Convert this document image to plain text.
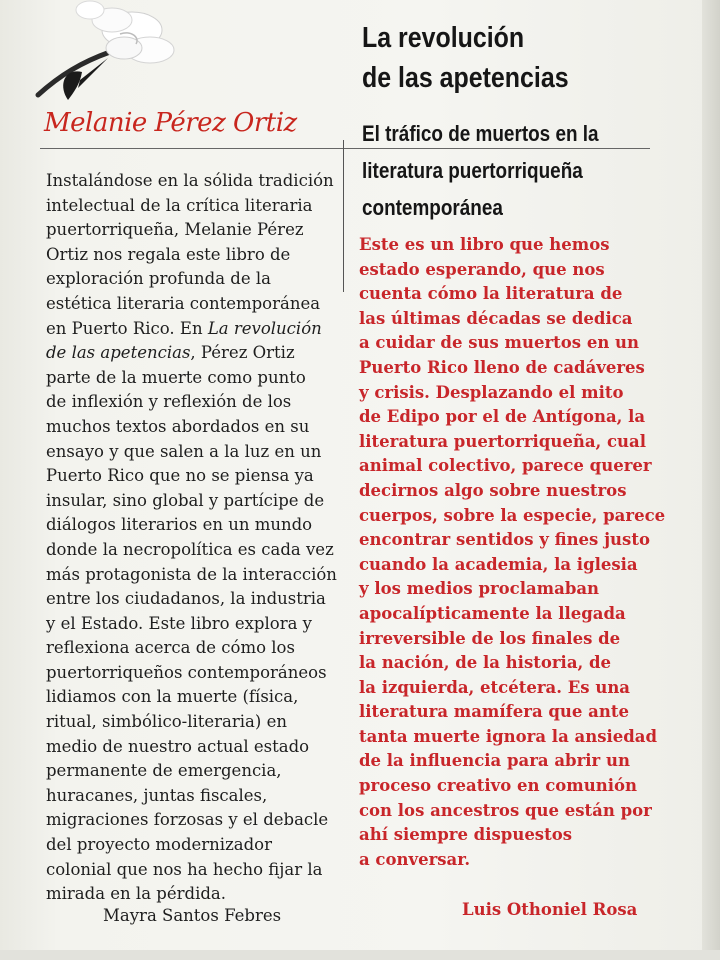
Melanie Pérez Ortiz
La revolución
de las apetencias
El tráfico de muertos en la
literatura puertorriqueña
contemporánea
Instalándose en la sólida tradición
intelectual de la crítica literaria
puertorriqueña, Melanie Pérez
Ortiz nos regala este libro de
exploración profunda de la
estética literaria contemporánea
en Puerto Rico. En La revolución
de las apetencias, Pérez Ortiz
parte de la muerte como punto
de inflexión y reflexión de los
muchos textos abordados en su
ensayo y que salen a la luz en un
Puerto Rico que no se piensa ya
insular, sino global y partícipe de
diálogos literarios en un mundo
donde la necropolítica es cada vez
más protagonista de la interacción
entre los ciudadanos, la industria
y el Estado. Este libro explora y
reflexiona acerca de cómo los
puertorriqueños contemporáneos
lidiamos con la muerte (física,
ritual, simbólico-literaria) en
medio de nuestro actual estado
permanente de emergencia,
huracanes, juntas fiscales,
migraciones forzosas y el debacle
del proyecto modernizador
colonial que nos ha hecho fijar la
mirada en la pérdida.
Mayra Santos Febres
Este es un libro que hemos
estado esperando, que nos
cuenta cómo la literatura de
las últimas décadas se dedica
a cuidar de sus muertos en un
Puerto Rico lleno de cadáveres
y crisis. Desplazando el mito
de Edipo por el de Antígona, la
literatura puertorriqueña, cual
animal colectivo, parece querer
decirnos algo sobre nuestros
cuerpos, sobre la especie, parece
encontrar sentidos y fines justo
cuando la academia, la iglesia
y los medios proclamaban
apocalípticamente la llegada
irreversible de los finales de
la nación, de la historia, de
la izquierda, etcétera. Es una
literatura mamífera que ante
tanta muerte ignora la ansiedad
de la influencia para abrir un
proceso creativo en comunión
con los ancestros que están por
ahí siempre dispuestos
a conversar.
Luis Othoniel Rosa
